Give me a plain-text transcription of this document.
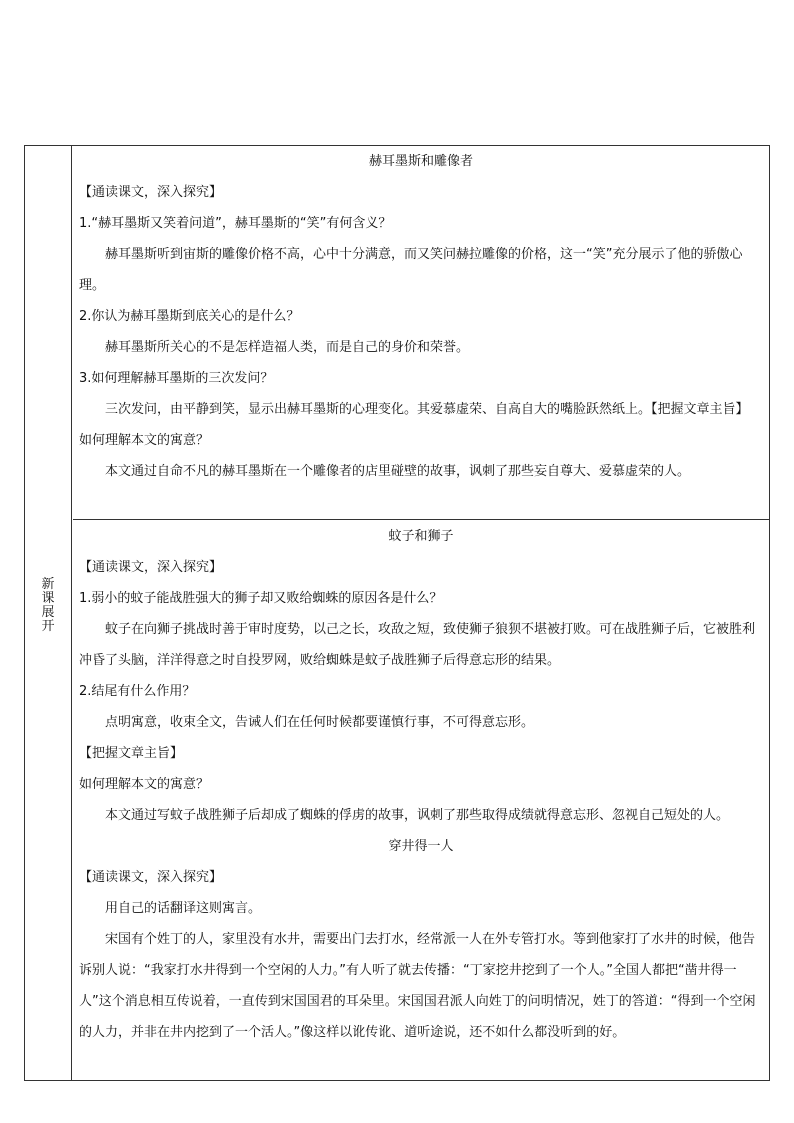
新课展开

赫耳墨斯和雕像者

【通读课文，深入探究】

1.“赫耳墨斯又笑着问道”，赫耳墨斯的“笑”有何含义？

赫耳墨斯听到宙斯的雕像价格不高，心中十分满意，而又笑问赫拉雕像的价格，这一“笑”充分展示了他的骄傲心理。

2.你认为赫耳墨斯到底关心的是什么？

赫耳墨斯所关心的不是怎样造福人类，而是自己的身价和荣誉。

3.如何理解赫耳墨斯的三次发问？

三次发问，由平静到笑，显示出赫耳墨斯的心理变化。其爱慕虚荣、自高自大的嘴脸跃然纸上。【把握文章主旨】

如何理解本文的寓意？

本文通过自命不凡的赫耳墨斯在一个雕像者的店里碰壁的故事，讽刺了那些妄自尊大、爱慕虚荣的人。

蚊子和狮子

【通读课文，深入探究】

1.弱小的蚊子能战胜强大的狮子却又败给蜘蛛的原因各是什么？

蚊子在向狮子挑战时善于审时度势，以己之长，攻敌之短，致使狮子狼狈不堪被打败。可在战胜狮子后，它被胜利冲昏了头脑，洋洋得意之时自投罗网，败给蜘蛛是蚊子战胜狮子后得意忘形的结果。

2.结尾有什么作用？

点明寓意，收束全文，告诫人们在任何时候都要谨慎行事，不可得意忘形。

【把握文章主旨】

如何理解本文的寓意？

本文通过写蚊子战胜狮子后却成了蜘蛛的俘虏的故事，讽刺了那些取得成绩就得意忘形、忽视自己短处的人。

穿井得一人

【通读课文，深入探究】

用自己的话翻译这则寓言。

宋国有个姓丁的人，家里没有水井，需要出门去打水，经常派一人在外专管打水。等到他家打了水井的时候，他告诉别人说：“我家打水井得到一个空闲的人力。”有人听了就去传播：“丁家挖井挖到了一个人。”全国人都把“凿井得一人”这个消息相互传说着，一直传到宋国国君的耳朵里。宋国国君派人向姓丁的问明情况，姓丁的答道：“得到一个空闲的人力，并非在井内挖到了一个活人。”像这样以讹传讹、道听途说，还不如什么都没听到的好。
